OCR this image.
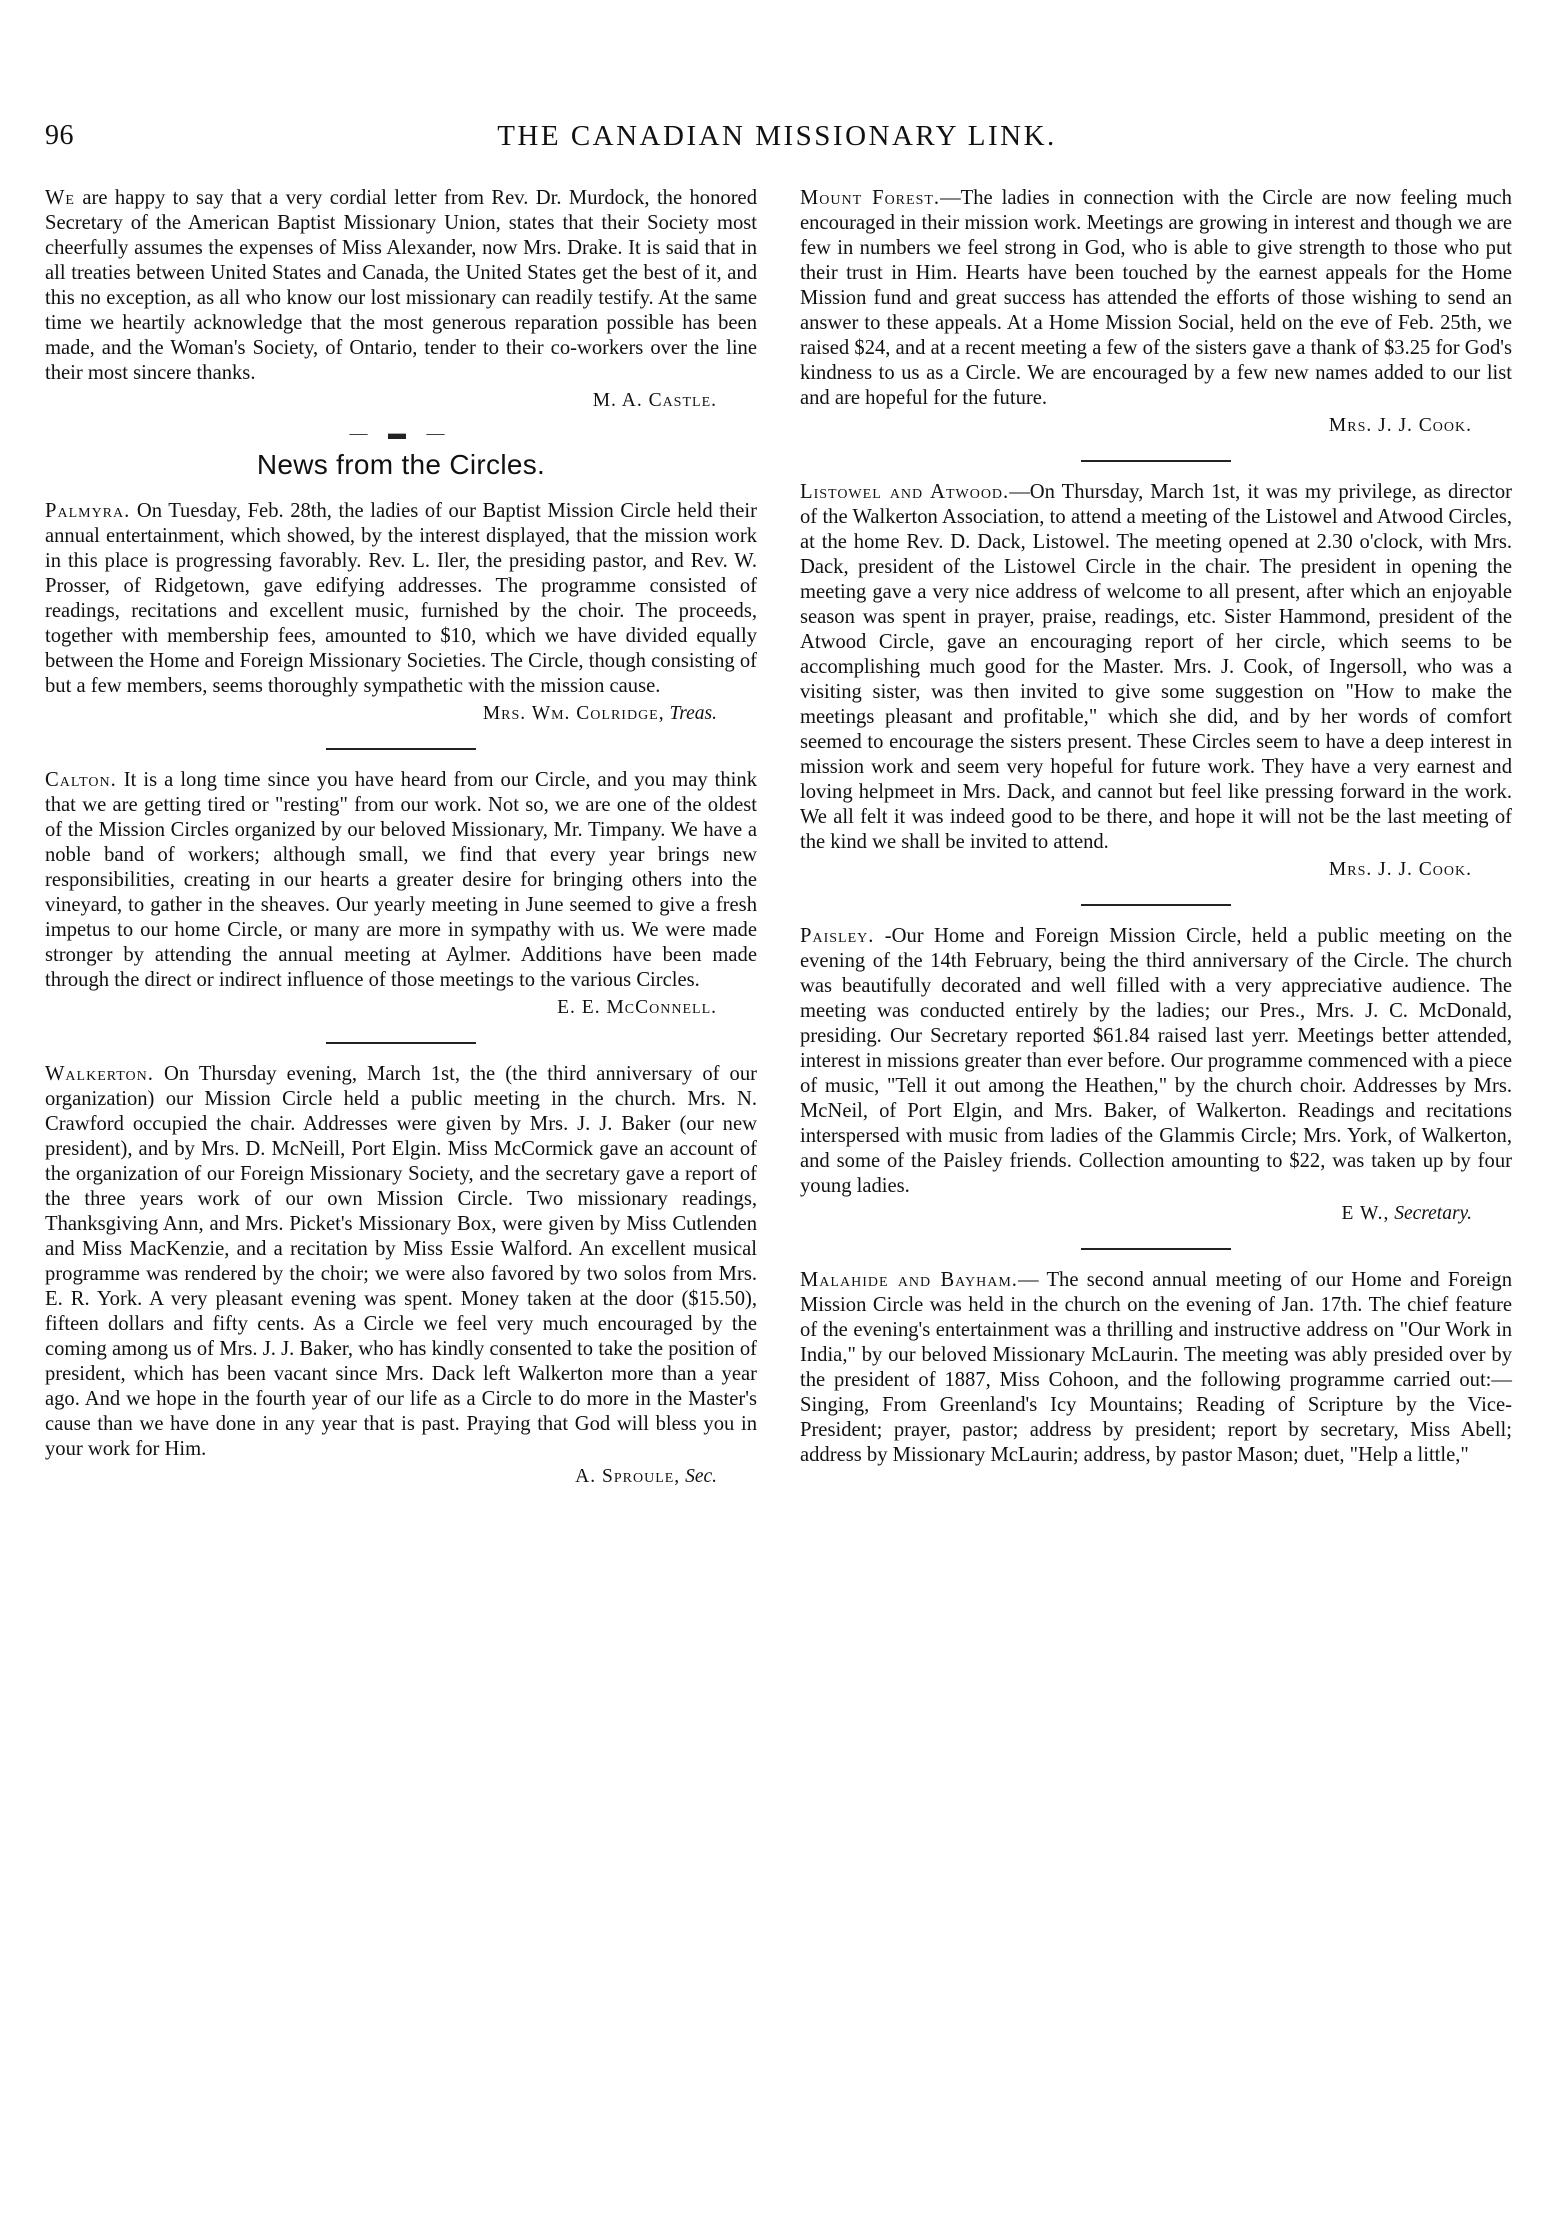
96	THE CANADIAN MISSIONARY LINK.

We are happy to say that a very cordial letter from Rev. Dr. Murdock, the honored Secretary of the American Baptist Missionary Union, states that their Society most cheerfully assumes the expenses of Miss Alexander, now Mrs. Drake. It is said that in all treaties between United States and Canada, the United States get the best of it, and this no exception, as all who know our lost missionary can readily testify. At the same time we heartily acknowledge that the most generous reparation possible has been made, and the Woman's Society, of Ontario, tender to their co-workers over the line their most sincere thanks.

M. A. Castle.
— ▬ —
News from the Circles.

Palmyra. On Tuesday, Feb. 28th, the ladies of our Baptist Mission Circle held their annual entertainment, which showed, by the interest displayed, that the mission work in this place is progressing favorably. Rev. L. Iler, the presiding pastor, and Rev. W. Prosser, of Ridgetown, gave edifying addresses. The programme consisted of readings, recitations and excellent music, furnished by the choir. The proceeds, together with membership fees, amounted to $10, which we have divided equally between the Home and Foreign Missionary Societies. The Circle, though consisting of but a few members, seems thoroughly sympathetic with the mission cause.

Mrs. Wm. Colridge, Treas.

Calton. It is a long time since you have heard from our Circle, and you may think that we are getting tired or "resting" from our work. Not so, we are one of the oldest of the Mission Circles organized by our beloved Missionary, Mr. Timpany. We have a noble band of workers; although small, we find that every year brings new responsibilities, creating in our hearts a greater desire for bringing others into the vineyard, to gather in the sheaves. Our yearly meeting in June seemed to give a fresh impetus to our home Circle, or many are more in sympathy with us. We were made stronger by attending the annual meeting at Aylmer. Additions have been made through the direct or indirect influence of those meetings to the various Circles.

E. E. McConnell.

Walkerton. On Thursday evening, March 1st, the (the third anniversary of our organization) our Mission Circle held a public meeting in the church. Mrs. N. Crawford occupied the chair. Addresses were given by Mrs. J. J. Baker (our new president), and by Mrs. D. McNeill, Port Elgin. Miss McCormick gave an account of the organization of our Foreign Missionary Society, and the secretary gave a report of the three years work of our own Mission Circle. Two missionary readings, Thanksgiving Ann, and Mrs. Picket's Missionary Box, were given by Miss Cutlenden and Miss MacKenzie, and a recitation by Miss Essie Walford. An excellent musical programme was rendered by the choir; we were also favored by two solos from Mrs. E. R. York. A very pleasant evening was spent. Money taken at the door ($15.50), fifteen dollars and fifty cents. As a Circle we feel very much encouraged by the coming among us of Mrs. J. J. Baker, who has kindly consented to take the position of president, which has been vacant since Mrs. Dack left Walkerton more than a year ago. And we hope in the fourth year of our life as a Circle to do more in the Master's cause than we have done in any year that is past. Praying that God will bless you in your work for Him.

A. Sproule, Sec.

Mount Forest.—The ladies in connection with the Circle are now feeling much encouraged in their mission work. Meetings are growing in interest and though we are few in numbers we feel strong in God, who is able to give strength to those who put their trust in Him. Hearts have been touched by the earnest appeals for the Home Mission fund and great success has attended the efforts of those wishing to send an answer to these appeals. At a Home Mission Social, held on the eve of Feb. 25th, we raised $24, and at a recent meeting a few of the sisters gave a thank of $3.25 for God's kindness to us as a Circle. We are encouraged by a few new names added to our list and are hopeful for the future.

Mrs. J. J. Cook.

Listowel and Atwood.—On Thursday, March 1st, it was my privilege, as director of the Walkerton Association, to attend a meeting of the Listowel and Atwood Circles, at the home Rev. D. Dack, Listowel. The meeting opened at 2.30 o'clock, with Mrs. Dack, president of the Listowel Circle in the chair. The president in opening the meeting gave a very nice address of welcome to all present, after which an enjoyable season was spent in prayer, praise, readings, etc. Sister Hammond, president of the Atwood Circle, gave an encouraging report of her circle, which seems to be accomplishing much good for the Master. Mrs. J. Cook, of Ingersoll, who was a visiting sister, was then invited to give some suggestion on "How to make the meetings pleasant and profitable," which she did, and by her words of comfort seemed to encourage the sisters present. These Circles seem to have a deep interest in mission work and seem very hopeful for future work. They have a very earnest and loving helpmeet in Mrs. Dack, and cannot but feel like pressing forward in the work. We all felt it was indeed good to be there, and hope it will not be the last meeting of the kind we shall be invited to attend.

Mrs. J. J. Cook.

Paisley. -Our Home and Foreign Mission Circle, held a public meeting on the evening of the 14th February, being the third anniversary of the Circle. The church was beautifully decorated and well filled with a very appreciative audience. The meeting was conducted entirely by the ladies; our Pres., Mrs. J. C. McDonald, presiding. Our Secretary reported $61.84 raised last yerr. Meetings better attended, interest in missions greater than ever before. Our programme commenced with a piece of music, "Tell it out among the Heathen," by the church choir. Addresses by Mrs. McNeil, of Port Elgin, and Mrs. Baker, of Walkerton. Readings and recitations interspersed with music from ladies of the Glammis Circle; Mrs. York, of Walkerton, and some of the Paisley friends. Collection amounting to $22, was taken up by four young ladies.

E W., Secretary.

Malahide and Bayham.— The second annual meeting of our Home and Foreign Mission Circle was held in the church on the evening of Jan. 17th. The chief feature of the evening's entertainment was a thrilling and instructive address on "Our Work in India," by our beloved Missionary McLaurin. The meeting was ably presided over by the president of 1887, Miss Cohoon, and the following programme carried out:—Singing, From Greenland's Icy Mountains; Reading of Scripture by the Vice-President; prayer, pastor; address by president; report by secretary, Miss Abell; address by Missionary McLaurin; address, by pastor Mason; duet, "Help a little,"
